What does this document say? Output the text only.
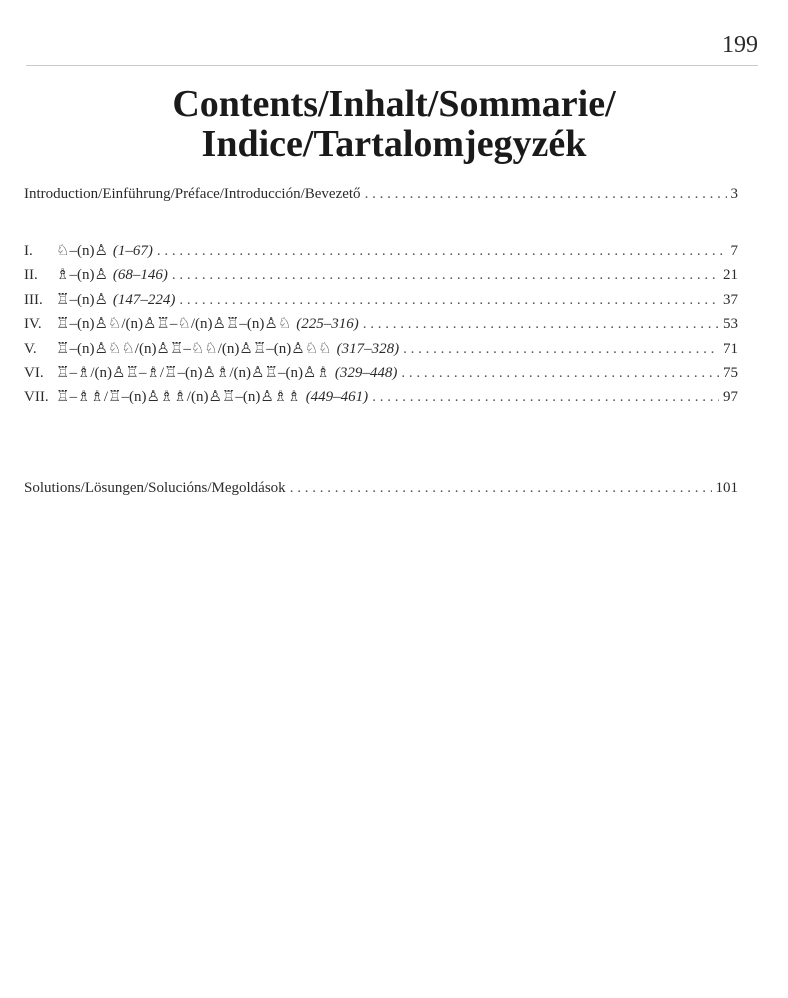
199
Contents/Inhalt/Sommarie/
Indice/Tartalomjegyzék
Introduction/Einführung/Préface/Introducción/Bevezető . . .	3
I.	♘–(n)♙ (1–67) . . .	7
II.	♗–(n)♙ (68–146) . . .	21
III. ♖–(n)♙ (147–224) . . .	37
IV. ♖–(n)♙♘/(n)♙♖–♘/(n)♙♖–(n)♙♘ (225–316) . . .	53
V.	♖–(n)♙♘♘/(n)♙♖–♘♘/(n)♙♖–(n)♙♘♘ (317–328) . . .	71
VI. ♖–♗/(n)♙♖–♗/♖–(n)♙♗/(n)♙♖–(n)♙♗ (329–448) . . .	75
VII. ♖–♗♗/♖–(n)♙♗♗/(n)♙♖–(n)♙♗♗ (449–461) . . .	97
Solutions/Lösungen/Solucións/Megoldások . . .	101
